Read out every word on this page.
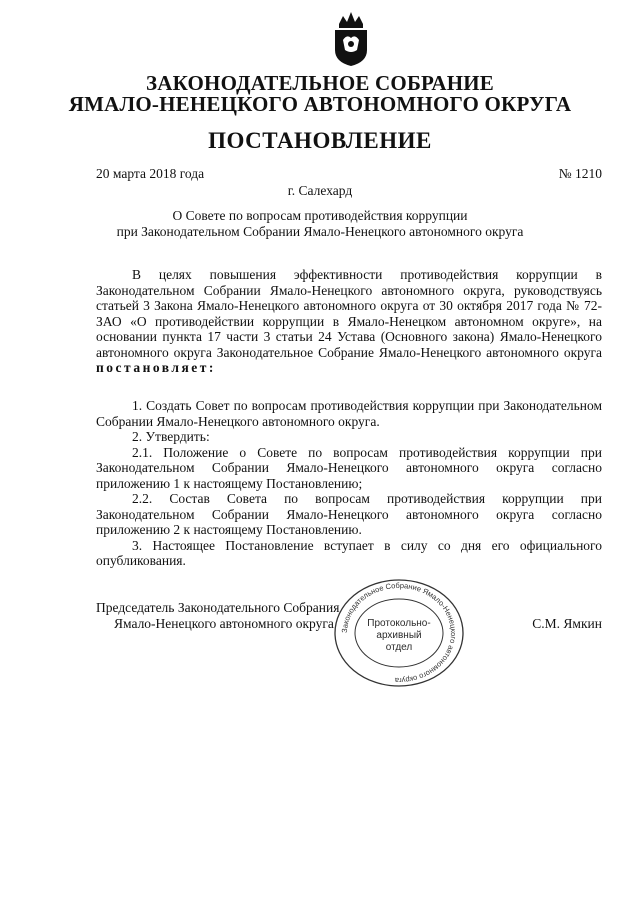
ЗАКОНОДАТЕЛЬНОЕ СОБРАНИЕ
ЯМАЛО-НЕНЕЦКОГО АВТОНОМНОГО ОКРУГА
ПОСТАНОВЛЕНИЕ
20 марта 2018 года	№ 1210
г. Салехард
О Совете по вопросам противодействия коррупции
при Законодательном Собрании Ямало-Ненецкого автономного округа
В целях повышения эффективности противодействия коррупции в Законодательном Собрании Ямало-Ненецкого автономного округа, руководствуясь статьей 3 Закона Ямало-Ненецкого автономного округа от 30 октября 2017 года № 72-ЗАО «О противодействии коррупции в Ямало-Ненецком автономном округе», на основании пункта 17 части 3 статьи 24 Устава (Основного закона) Ямало-Ненецкого автономного округа Законодательное Собрание Ямало-Ненецкого автономного округа постановляет:

1. Создать Совет по вопросам противодействия коррупции при Законодательном Собрании Ямало-Ненецкого автономного округа.

2. Утвердить:

2.1. Положение о Совете по вопросам противодействия коррупции при Законодательном Собрании Ямало-Ненецкого автономного округа согласно приложению 1 к настоящему Постановлению;

2.2. Состав Совета по вопросам противодействия коррупции при Законодательном Собрании Ямало-Ненецкого автономного округа согласно приложению 2 к настоящему Постановлению.

3. Настоящее Постановление вступает в силу со дня его официального опубликования.

Законодательное Собрание Ямало-Ненецкого автономного округа
Протокольно-
архивный
отдел
Председатель Законодательного Собрания
Ямало-Ненецкого автономного округа	С.М. Ямкин
